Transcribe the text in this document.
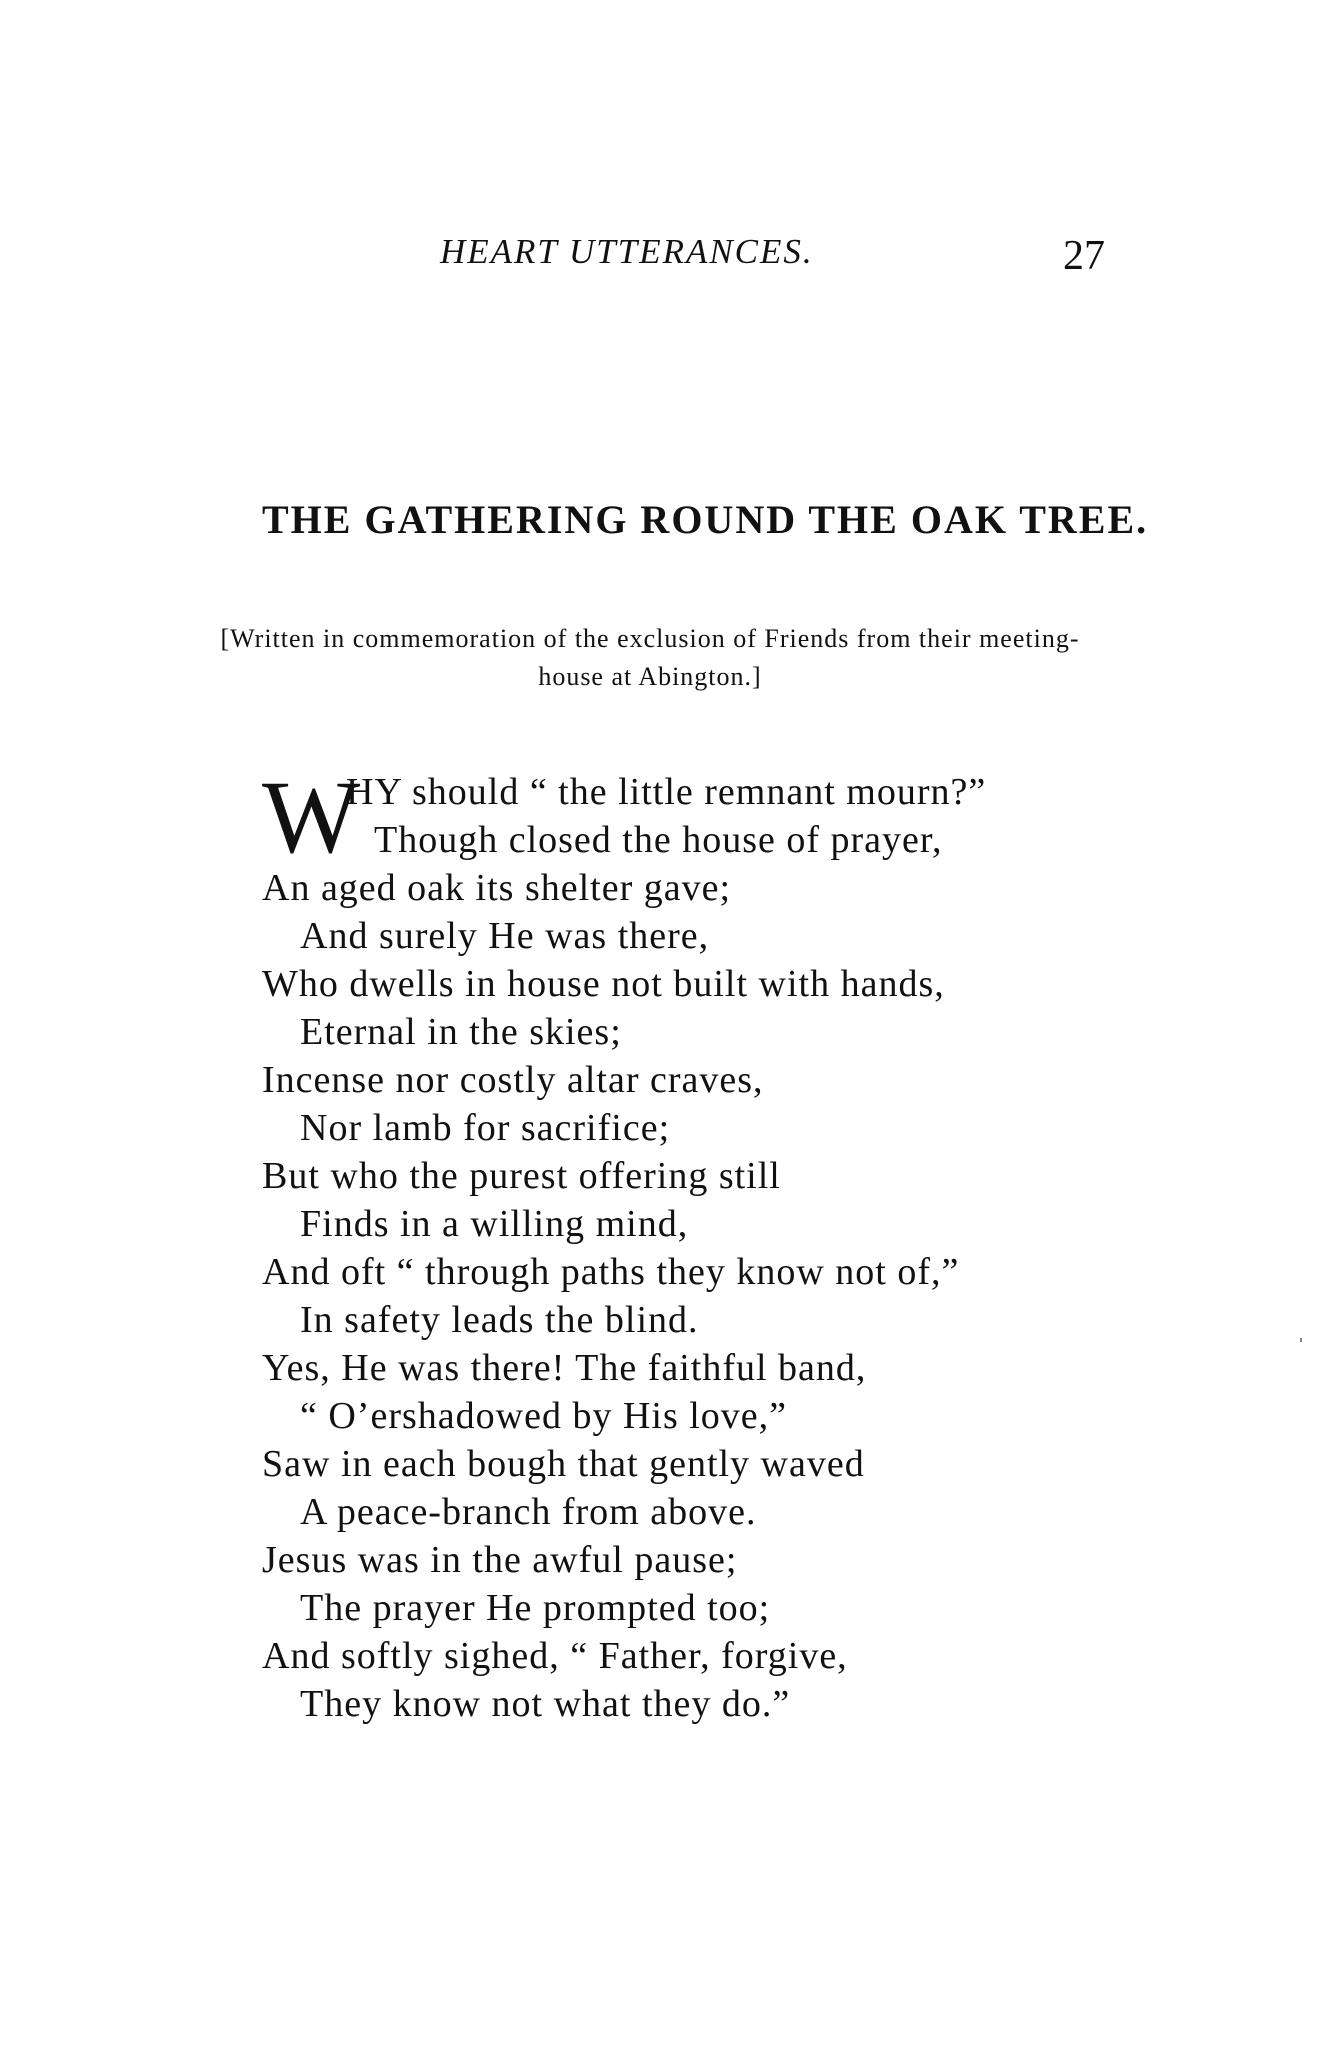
HEART UTTERANCES.	27
THE GATHERING ROUND THE OAK TREE.
[Written in commemoration of the exclusion of Friends from their meeting-house at Abington.]
W
HY should “ the little remnant mourn?”
Though closed the house of prayer,
An aged oak its shelter gave;
And surely He was there,
Who dwells in house not built with hands,
Eternal in the skies;
Incense nor costly altar craves,
Nor lamb for sacrifice;
But who the purest offering still
Finds in a willing mind,
And oft “ through paths they know not of,”
In safety leads the blind.
Yes, He was there! The faithful band,
“ O’ershadowed by His love,”
Saw in each bough that gently waved
A peace-branch from above.
Jesus was in the awful pause;
The prayer He prompted too;
And softly sighed, “ Father, forgive,
They know not what they do.”
